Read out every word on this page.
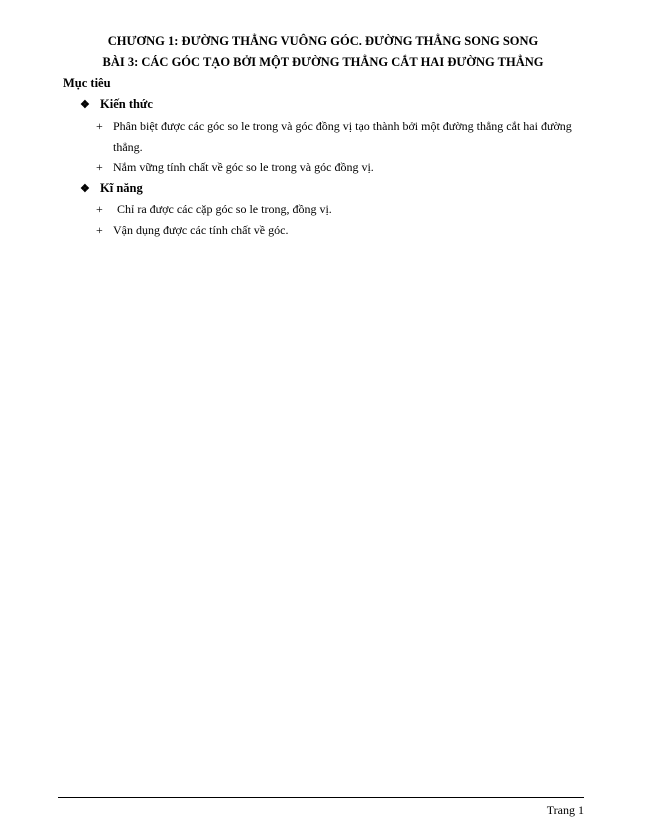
CHƯƠNG 1: ĐƯỜNG THẲNG VUÔNG GÓC. ĐƯỜNG THẲNG SONG SONG
BÀI 3: CÁC GÓC TẠO BỞI MỘT ĐƯỜNG THẲNG CẮT HAI ĐƯỜNG THẲNG
Mục tiêu
❖ Kiến thức
+ Phân biệt được các góc so le trong và góc đồng vị tạo thành bởi một đường thẳng cắt hai đường thẳng.
+ Nắm vững tính chất về góc so le trong và góc đồng vị.
❖ Kĩ năng
+	Chỉ ra được các cặp góc so le trong, đồng vị.
+ Vận dụng được các tính chất về góc.
Trang 1
